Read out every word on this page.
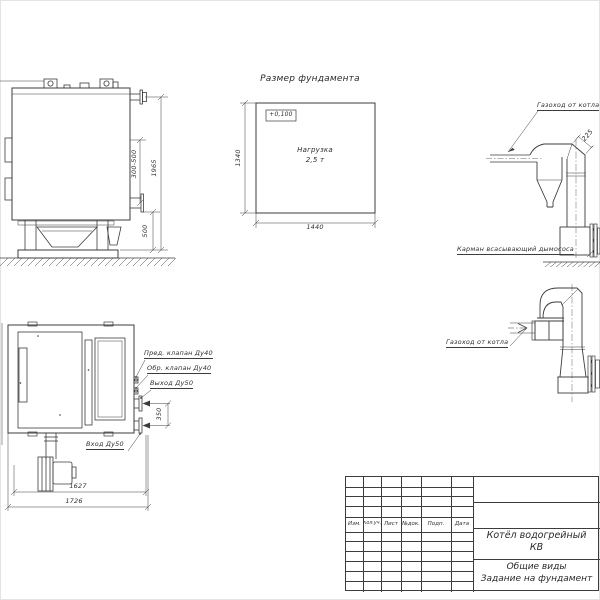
300-500	1965
500
Размер фундамента
+0,100
Нагрузка
2,5 т
1340
1440
Газоход от котла
225
Карман всасывающий дымососа
Пред. клапан Ду40
Обр. клапан Ду40
Выход Ду50
Вход Ду50
350
1627
1726
Газоход от котла
Изм. Кол.уч. Лист №док.	Подп.	Дата
Котёл водогрейный
КВ
Общие виды
Задание на фундамент
